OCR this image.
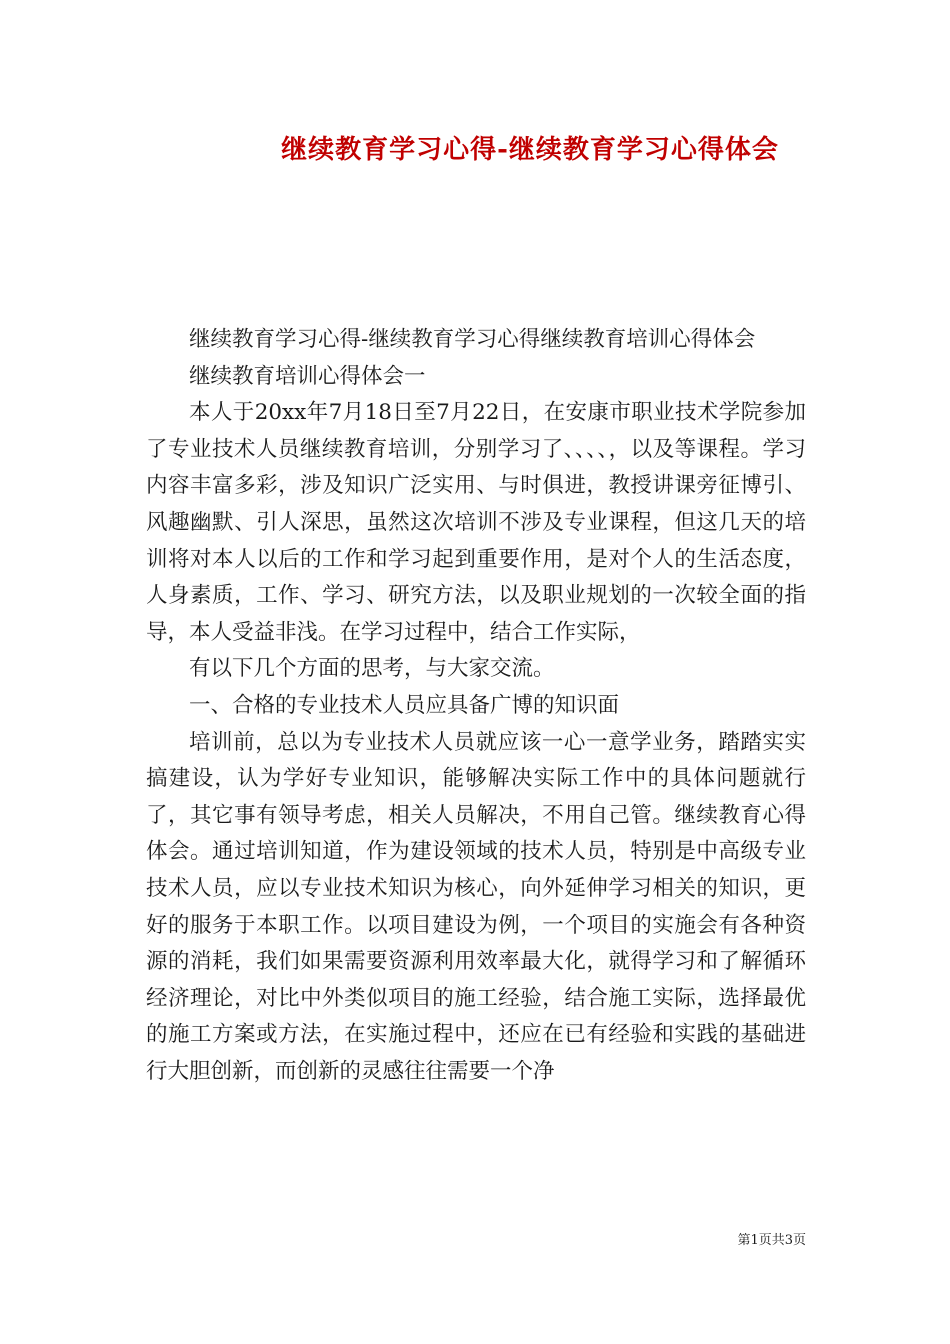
继续教育学习心得-继续教育学习心得体会

继续教育学习心得-继续教育学习心得继续教育培训心得体会

继续教育培训心得体会一

本人于20xx年7月18日至7月22日，在安康市职业技术学院参加了专业技术人员继续教育培训，分别学习了、、、、，以及等课程。学习内容丰富多彩，涉及知识广泛实用、与时俱进，教授讲课旁征博引、风趣幽默、引人深思，虽然这次培训不涉及专业课程，但这几天的培训将对本人以后的工作和学习起到重要作用，是对个人的生活态度，人身素质，工作、学习、研究方法，以及职业规划的一次较全面的指导，本人受益非浅。在学习过程中，结合工作实际，

有以下几个方面的思考，与大家交流。

一、合格的专业技术人员应具备广博的知识面

培训前，总以为专业技术人员就应该一心一意学业务，踏踏实实搞建设，认为学好专业知识，能够解决实际工作中的具体问题就行了，其它事有领导考虑，相关人员解决，不用自己管。继续教育心得体会。通过培训知道，作为建设领域的技术人员，特别是中高级专业技术人员，应以专业技术知识为核心，向外延伸学习相关的知识，更好的服务于本职工作。以项目建设为例，一个项目的实施会有各种资源的消耗，我们如果需要资源利用效率最大化，就得学习和了解循环经济理论，对比中外类似项目的施工经验，结合施工实际，选择最优的施工方案或方法，在实施过程中，还应在已有经验和实践的基础进行大胆创新，而创新的灵感往往需要一个净

第1页共3页
